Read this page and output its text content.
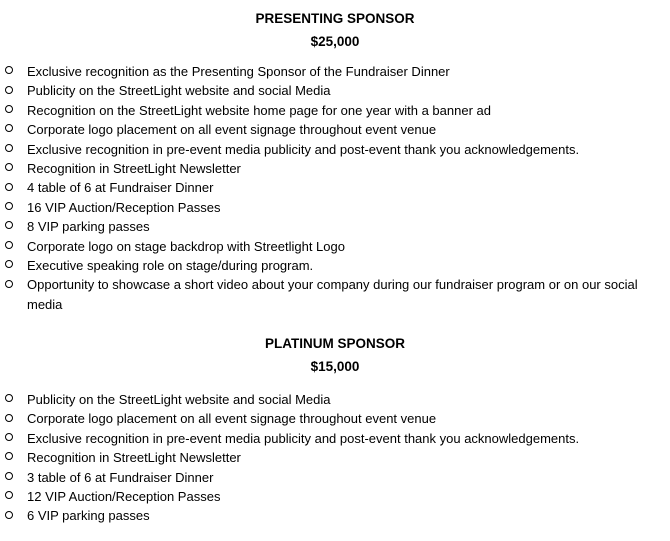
PRESENTING SPONSOR

$25,000

Exclusive recognition as the Presenting Sponsor of the Fundraiser Dinner
Publicity on the StreetLight website and social Media
Recognition on the StreetLight website home page for one year with a banner ad
Corporate logo placement on all event signage throughout event venue
Exclusive recognition in pre-event media publicity and post-event thank you acknowledgements.
Recognition in StreetLight Newsletter
4 table of 6 at Fundraiser Dinner
16 VIP Auction/Reception Passes
8 VIP parking passes
Corporate logo on stage backdrop with Streetlight Logo
Executive speaking role on stage/during program.
Opportunity to showcase a short video about your company during our fundraiser program or on our social media

PLATINUM SPONSOR

$15,000

Publicity on the StreetLight website and social Media
Corporate logo placement on all event signage throughout event venue
Exclusive recognition in pre-event media publicity and post-event thank you acknowledgements.
Recognition in StreetLight Newsletter
3 table of 6 at Fundraiser Dinner
12 VIP Auction/Reception Passes
6 VIP parking passes
